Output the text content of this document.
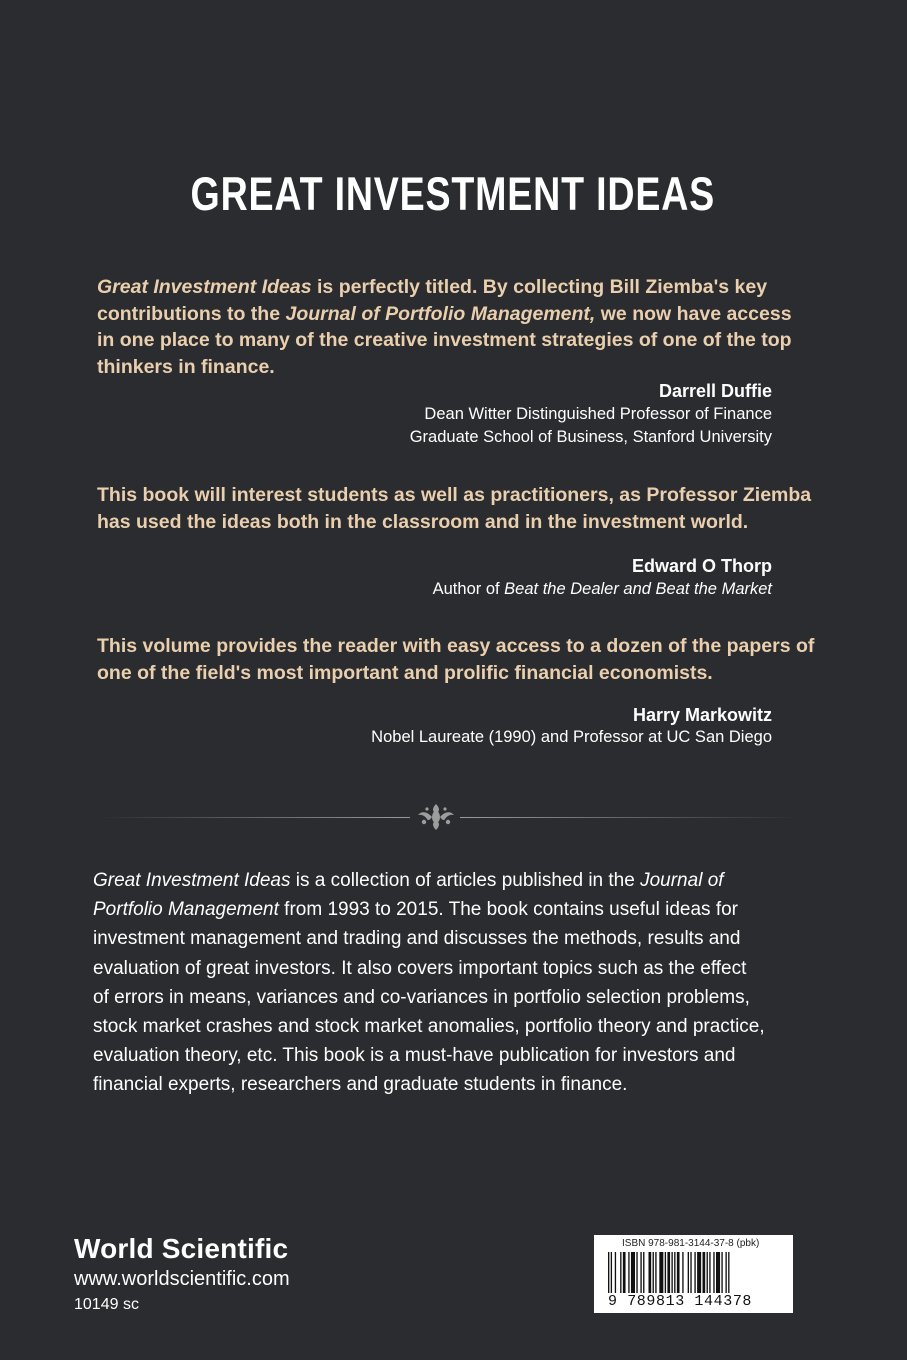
GREAT INVESTMENT IDEAS
Great Investment Ideas is perfectly titled. By collecting Bill Ziemba's key
contributions to the Journal of Portfolio Management, we now have access
in one place to many of the creative investment strategies of one of the top
thinkers in finance.
Darrell Duffie
Dean Witter Distinguished Professor of Finance
Graduate School of Business, Stanford University
This book will interest students as well as practitioners, as Professor Ziemba
has used the ideas both in the classroom and in the investment world.
Edward O Thorp
Author of Beat the Dealer and Beat the Market
This volume provides the reader with easy access to a dozen of the papers of
one of the field's most important and prolific financial economists.
Harry Markowitz
Nobel Laureate (1990) and Professor at UC San Diego
Great Investment Ideas is a collection of articles published in the Journal of
Portfolio Management from 1993 to 2015. The book contains useful ideas for
investment management and trading and discusses the methods, results and
evaluation of great investors. It also covers important topics such as the effect
of errors in means, variances and co-variances in portfolio selection problems,
stock market crashes and stock market anomalies, portfolio theory and practice,
evaluation theory, etc. This book is a must-have publication for investors and
financial experts, researchers and graduate students in finance.
World Scientific
www.worldscientific.com
10149 sc
ISBN 978-981-3144-37-8 (pbk)
9 789813 144378
